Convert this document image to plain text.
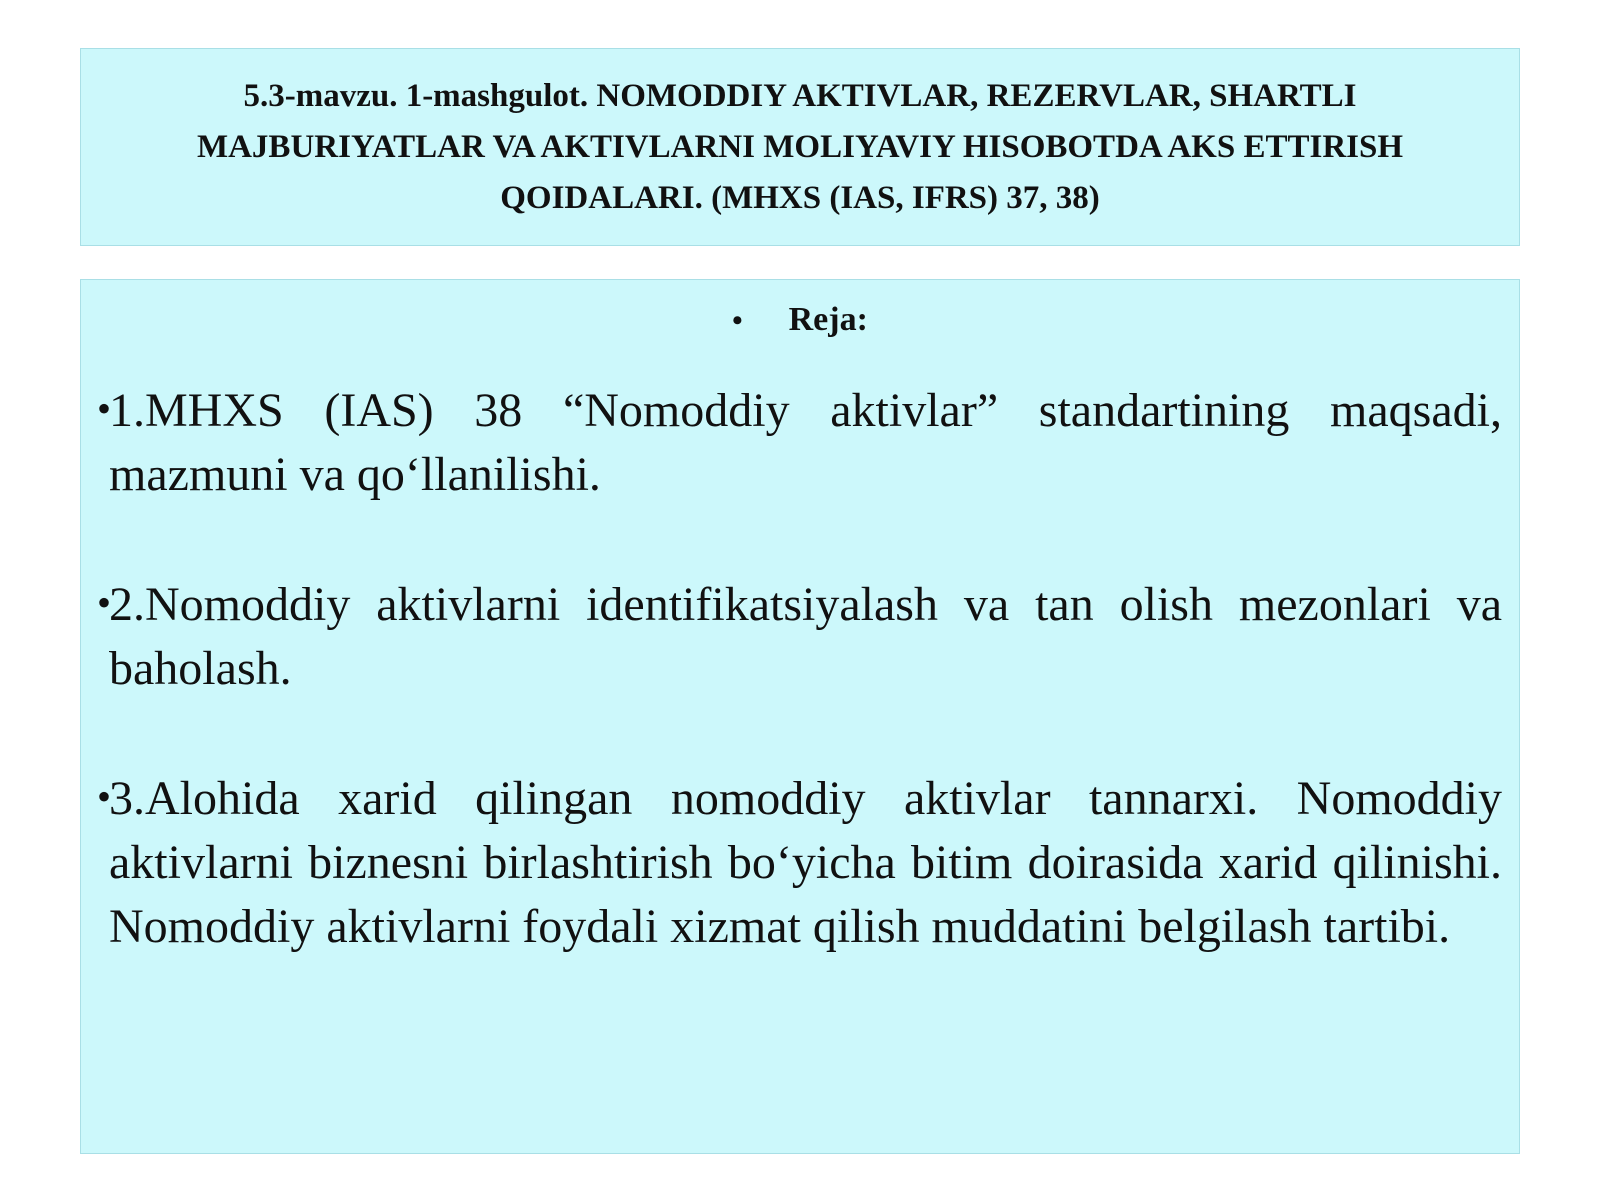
5.3-mavzu. 1-mashgulot. NOMODDIY AKTIVLAR, REZERVLAR, SHARTLI MAJBURIYATLAR VA AKTIVLARNI MOLIYAVIY HISOBOTDA AKS ETTIRISH QOIDALARI. (MHXS (IAS, IFRS) 37, 38)
• Reja:

•
1.MHXS (IAS) 38 “Nomoddiy aktivlar” standartining maqsadi, mazmuni va qo‘llanilishi.

•
2.Nomoddiy aktivlarni identifikatsiyalash va tan olish mezonlari va baholash.

•
3.Alohida xarid qilingan nomoddiy aktivlar tannarxi. Nomoddiy aktivlarni biznesni birlashtirish bo‘yicha bitim doirasida xarid qilinishi. Nomoddiy aktivlarni foydali xizmat qilish muddatini belgilash tartibi.
